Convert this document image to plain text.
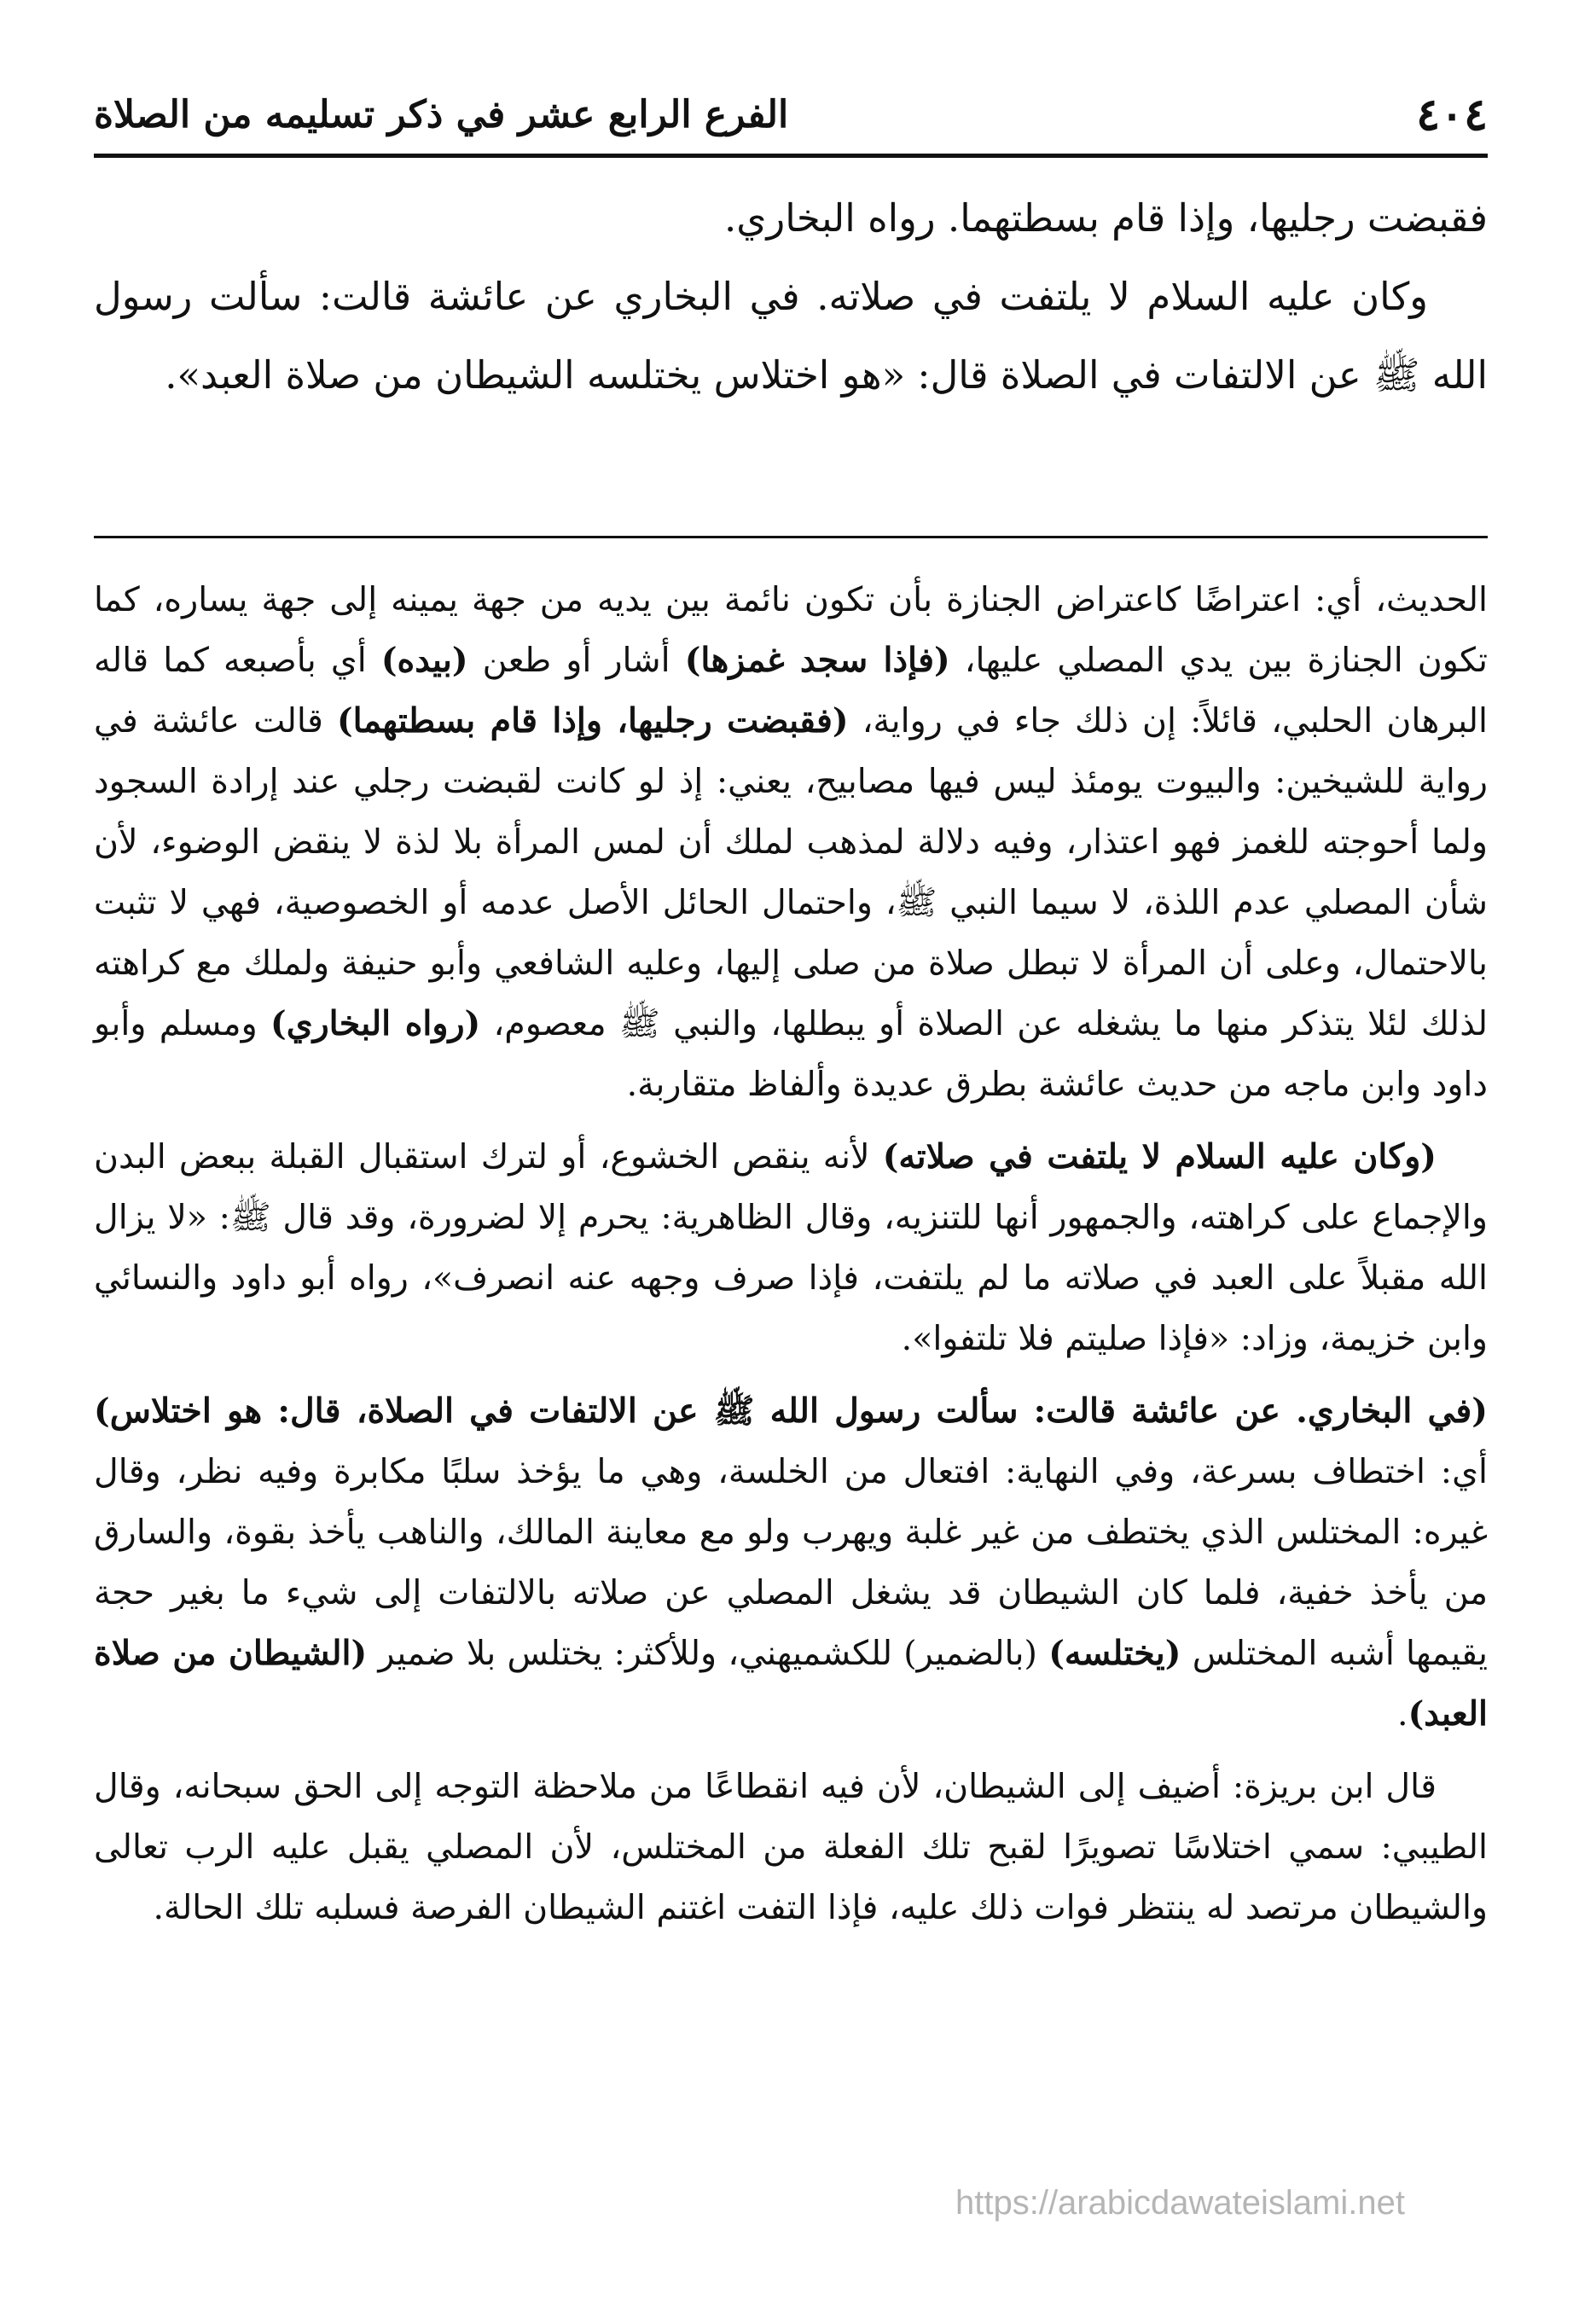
٤٠٤
الفرع الرابع عشر في ذكر تسليمه من الصلاة

فقبضت رجليها، وإذا قام بسطتهما. رواه البخاري.

وكان عليه السلام لا يلتفت في صلاته. في البخاري عن عائشة قالت: سألت رسول الله ﷺ عن الالتفات في الصلاة قال: «هو اختلاس يختلسه الشيطان من صلاة العبد».

الحديث، أي: اعتراضًا كاعتراض الجنازة بأن تكون نائمة بين يديه من جهة يمينه إلى جهة يساره، كما تكون الجنازة بين يدي المصلي عليها، (فإذا سجد غمزها) أشار أو طعن (بيده) أي بأصبعه كما قاله البرهان الحلبي، قائلاً: إن ذلك جاء في رواية، (فقبضت رجليها، وإذا قام بسطتهما) قالت عائشة في رواية للشيخين: والبيوت يومئذ ليس فيها مصابيح، يعني: إذ لو كانت لقبضت رجلي عند إرادة السجود ولما أحوجته للغمز فهو اعتذار، وفيه دلالة لمذهب لملك أن لمس المرأة بلا لذة لا ينقض الوضوء، لأن شأن المصلي عدم اللذة، لا سيما النبي ﷺ، واحتمال الحائل الأصل عدمه أو الخصوصية، فهي لا تثبت بالاحتمال، وعلى أن المرأة لا تبطل صلاة من صلى إليها، وعليه الشافعي وأبو حنيفة ولملك مع كراهته لذلك لئلا يتذكر منها ما يشغله عن الصلاة أو يبطلها، والنبي ﷺ معصوم، (رواه البخاري) ومسلم وأبو داود وابن ماجه من حديث عائشة بطرق عديدة وألفاظ متقاربة.

(وكان عليه السلام لا يلتفت في صلاته) لأنه ينقص الخشوع، أو لترك استقبال القبلة ببعض البدن والإجماع على كراهته، والجمهور أنها للتنزيه، وقال الظاهرية: يحرم إلا لضرورة، وقد قال ﷺ: «لا يزال الله مقبلاً على العبد في صلاته ما لم يلتفت، فإذا صرف وجهه عنه انصرف»، رواه أبو داود والنسائي وابن خزيمة، وزاد: «فإذا صليتم فلا تلتفوا».

(في البخاري. عن عائشة قالت: سألت رسول الله ﷺ عن الالتفات في الصلاة، قال: هو اختلاس) أي: اختطاف بسرعة، وفي النهاية: افتعال من الخلسة، وهي ما يؤخذ سلبًا مكابرة وفيه نظر، وقال غيره: المختلس الذي يختطف من غير غلبة ويهرب ولو مع معاينة المالك، والناهب يأخذ بقوة، والسارق من يأخذ خفية، فلما كان الشيطان قد يشغل المصلي عن صلاته بالالتفات إلى شيء ما بغير حجة يقيمها أشبه المختلس (يختلسه) (بالضمير) للكشميهني، وللأكثر: يختلس بلا ضمير (الشيطان من صلاة العبد).

قال ابن بريزة: أضيف إلى الشيطان، لأن فيه انقطاعًا من ملاحظة التوجه إلى الحق سبحانه، وقال الطيبي: سمي اختلاسًا تصويرًا لقبح تلك الفعلة من المختلس، لأن المصلي يقبل عليه الرب تعالى والشيطان مرتصد له ينتظر فوات ذلك عليه، فإذا التفت اغتنم الشيطان الفرصة فسلبه تلك الحالة.

https://arabicdawateislami.net
